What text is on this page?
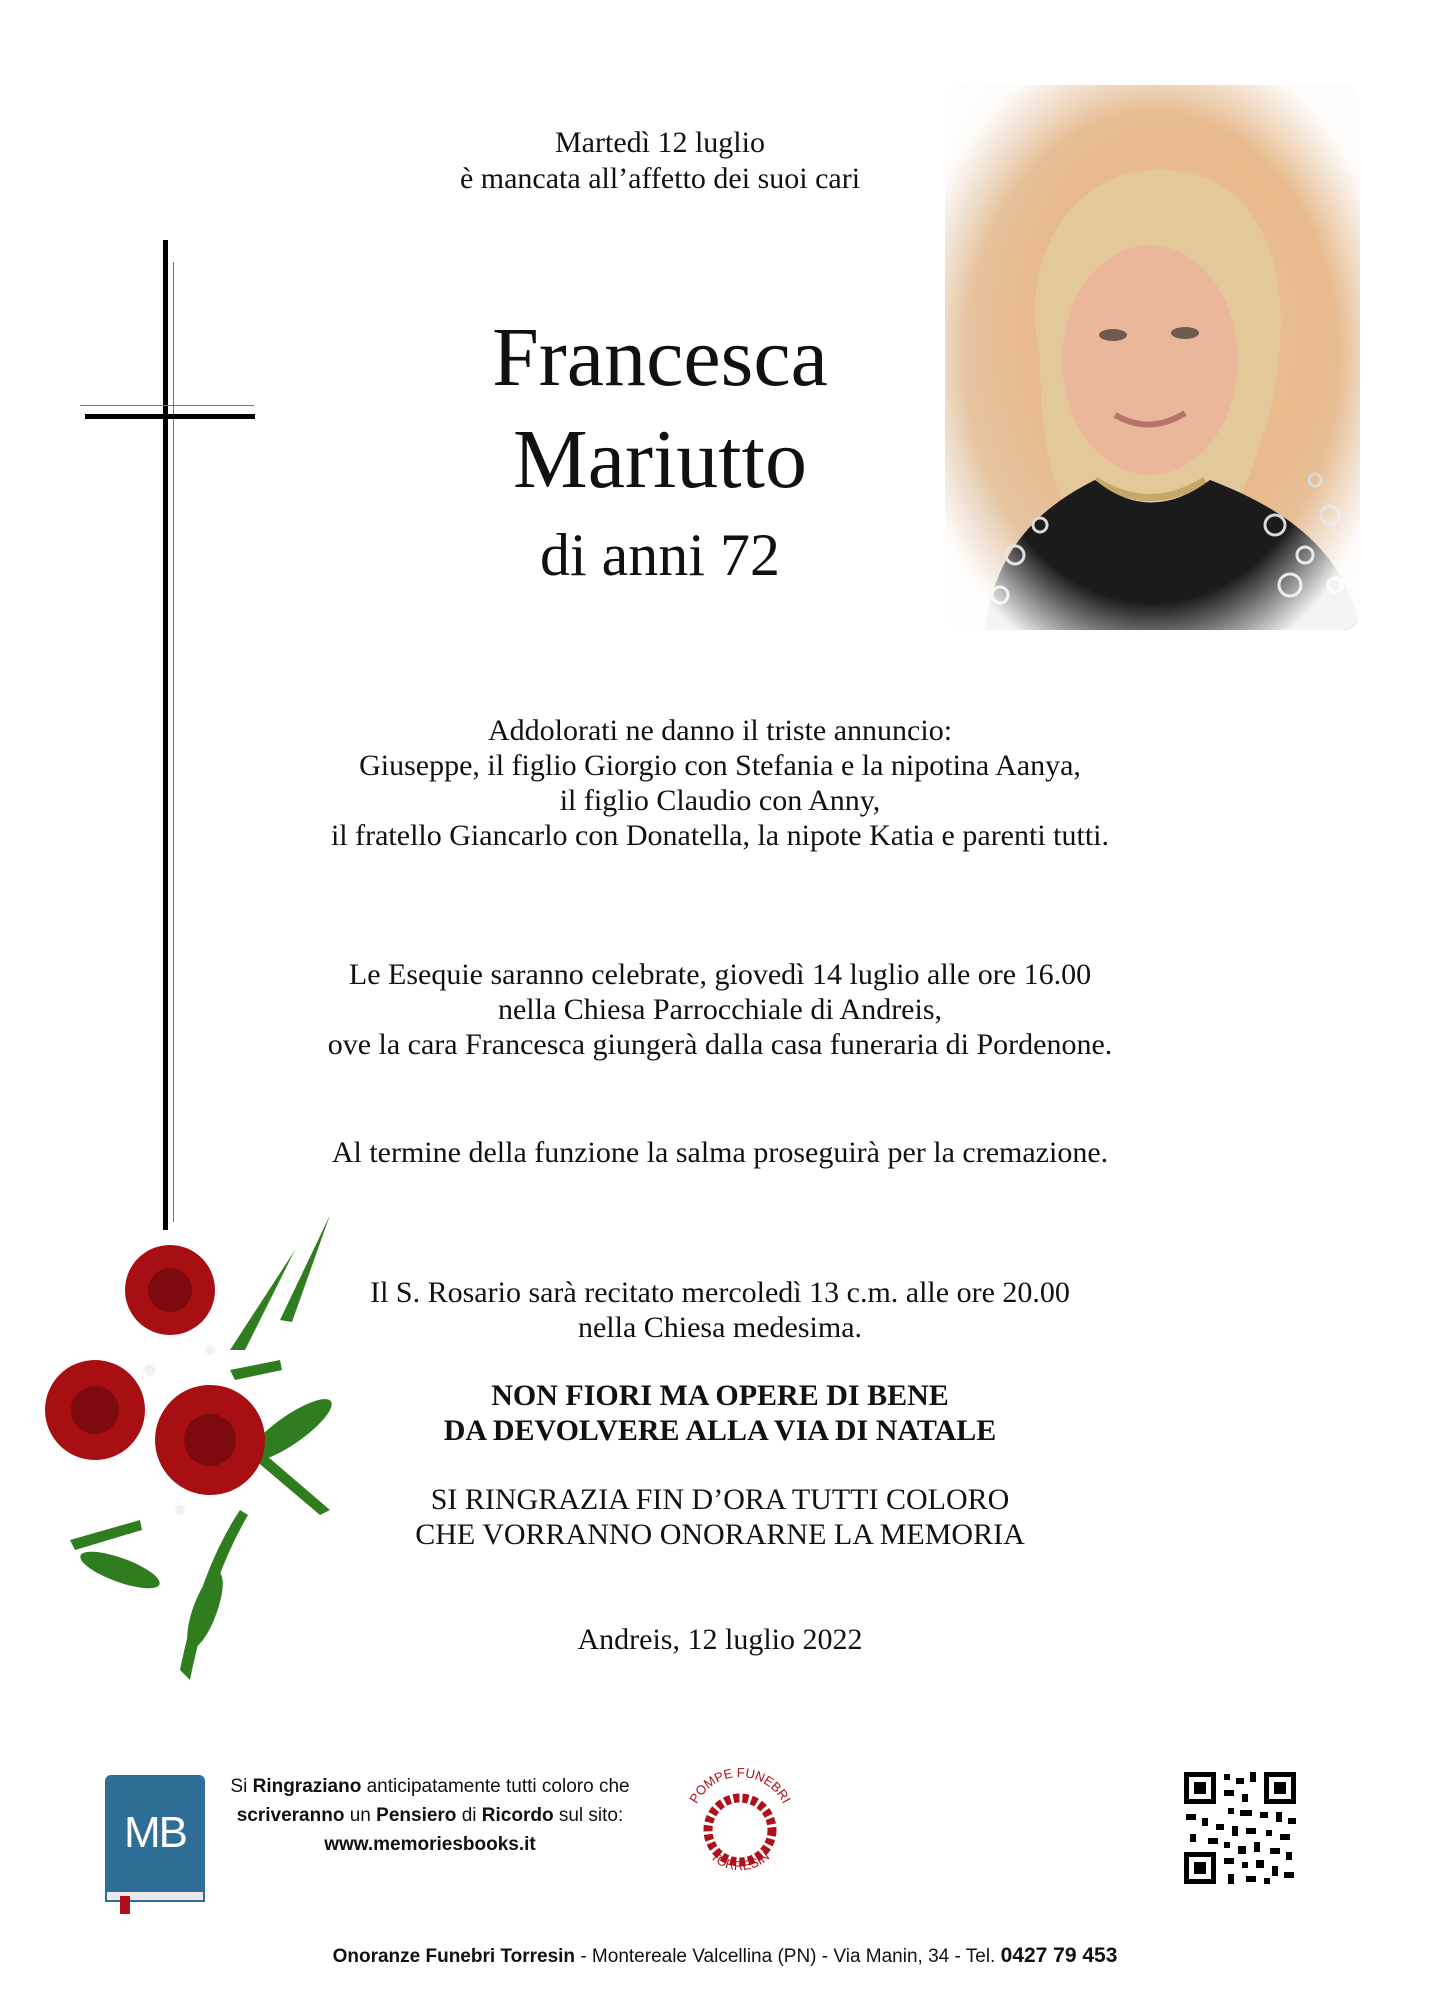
Martedì 12 luglio
è mancata all’affetto dei suoi cari
Francesca
Mariutto
di anni 72
Addolorati ne danno il triste annuncio:
Giuseppe, il figlio Giorgio con Stefania e la nipotina Aanya,
il figlio Claudio con Anny,
il fratello Giancarlo con Donatella, la nipote Katia e parenti tutti.
Le Esequie saranno celebrate, giovedì 14 luglio alle ore 16.00
nella Chiesa Parrocchiale di Andreis,
ove la cara Francesca giungerà dalla casa funeraria di Pordenone.
Al termine della funzione la salma proseguirà per la cremazione.
Il S. Rosario sarà recitato mercoledì 13 c.m. alle ore 20.00
nella Chiesa medesima.
NON FIORI MA OPERE DI BENE
DA DEVOLVERE ALLA VIA DI NATALE
SI RINGRAZIA FIN D’ORA TUTTI COLORO
CHE VORRANNO ONORARNE LA MEMORIA
Andreis, 12 luglio 2022
MB
Si Ringraziano anticipatamente tutti coloro che
scriveranno un Pensiero di Ricordo sul sito:
www.memoriesbooks.it
POMPE FUNEBRI
TORRESIN
Onoranze Funebri Torresin - Montereale Valcellina (PN) - Via Manin, 34 - Tel. 0427 79 453
